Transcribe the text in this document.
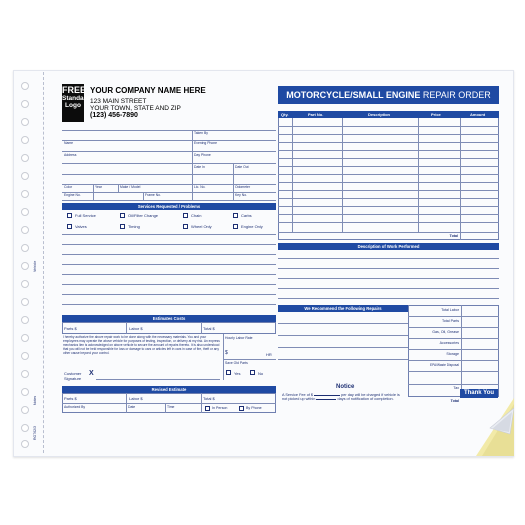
Vehicle
Notes
RO762/3
FREE
Standard
Logo
YOUR COMPANY NAME HERE
123 MAIN STREET
YOUR TOWN, STATE AND ZIP
(123) 456-7890
MOTORCYCLE/SMALL ENGINE REPAIR ORDER
Taken By
Name	Evening Phone
Address	Day Phone
Date In	Date Out
Color	Year	Make / Model	Lic. No.	Odometer
Engine No.	Frame No.	Key No.
Services Requested / Problems
Full Service	Oil/Filter Change	Chain	Carbs
Valves	Timing	Wheel Only	Engine Only
Qty.	Part No.	Description	Price	Amount
Total
Description of Work Performed
We Recommend the Following Repairs	Total Labor
Total Parts
Gas, Oil, Grease
Accessories
Storage
EPA/Waste Disposal
Tax
Total
Notice
A Service Fee of $	per day will be charged if vehicle is
not picked up within	days of notification of completion.
Estimates Costs
Parts $	Labor $	Total $
I hereby authorize the above repair work to be done along with the necessary materials. You and your employees may operate the above vehicle for purposes of testing, inspection, or delivery at my risk. An express mechanics lien is acknowledged on above vehicle to secure the amount of repairs thereto. It is also understood that you will not be held responsible for loss or damage to cars or articles left in cars in case of fire, theft or any other cause beyond your control.
Hourly Labor Rate
$	HR
Save Old Parts
Yes	No
Customer Signature
X
Revised Estimate
Parts $	Labor $	Total $
Authorized By	Date	Time	In Person	By Phone
Thank You
